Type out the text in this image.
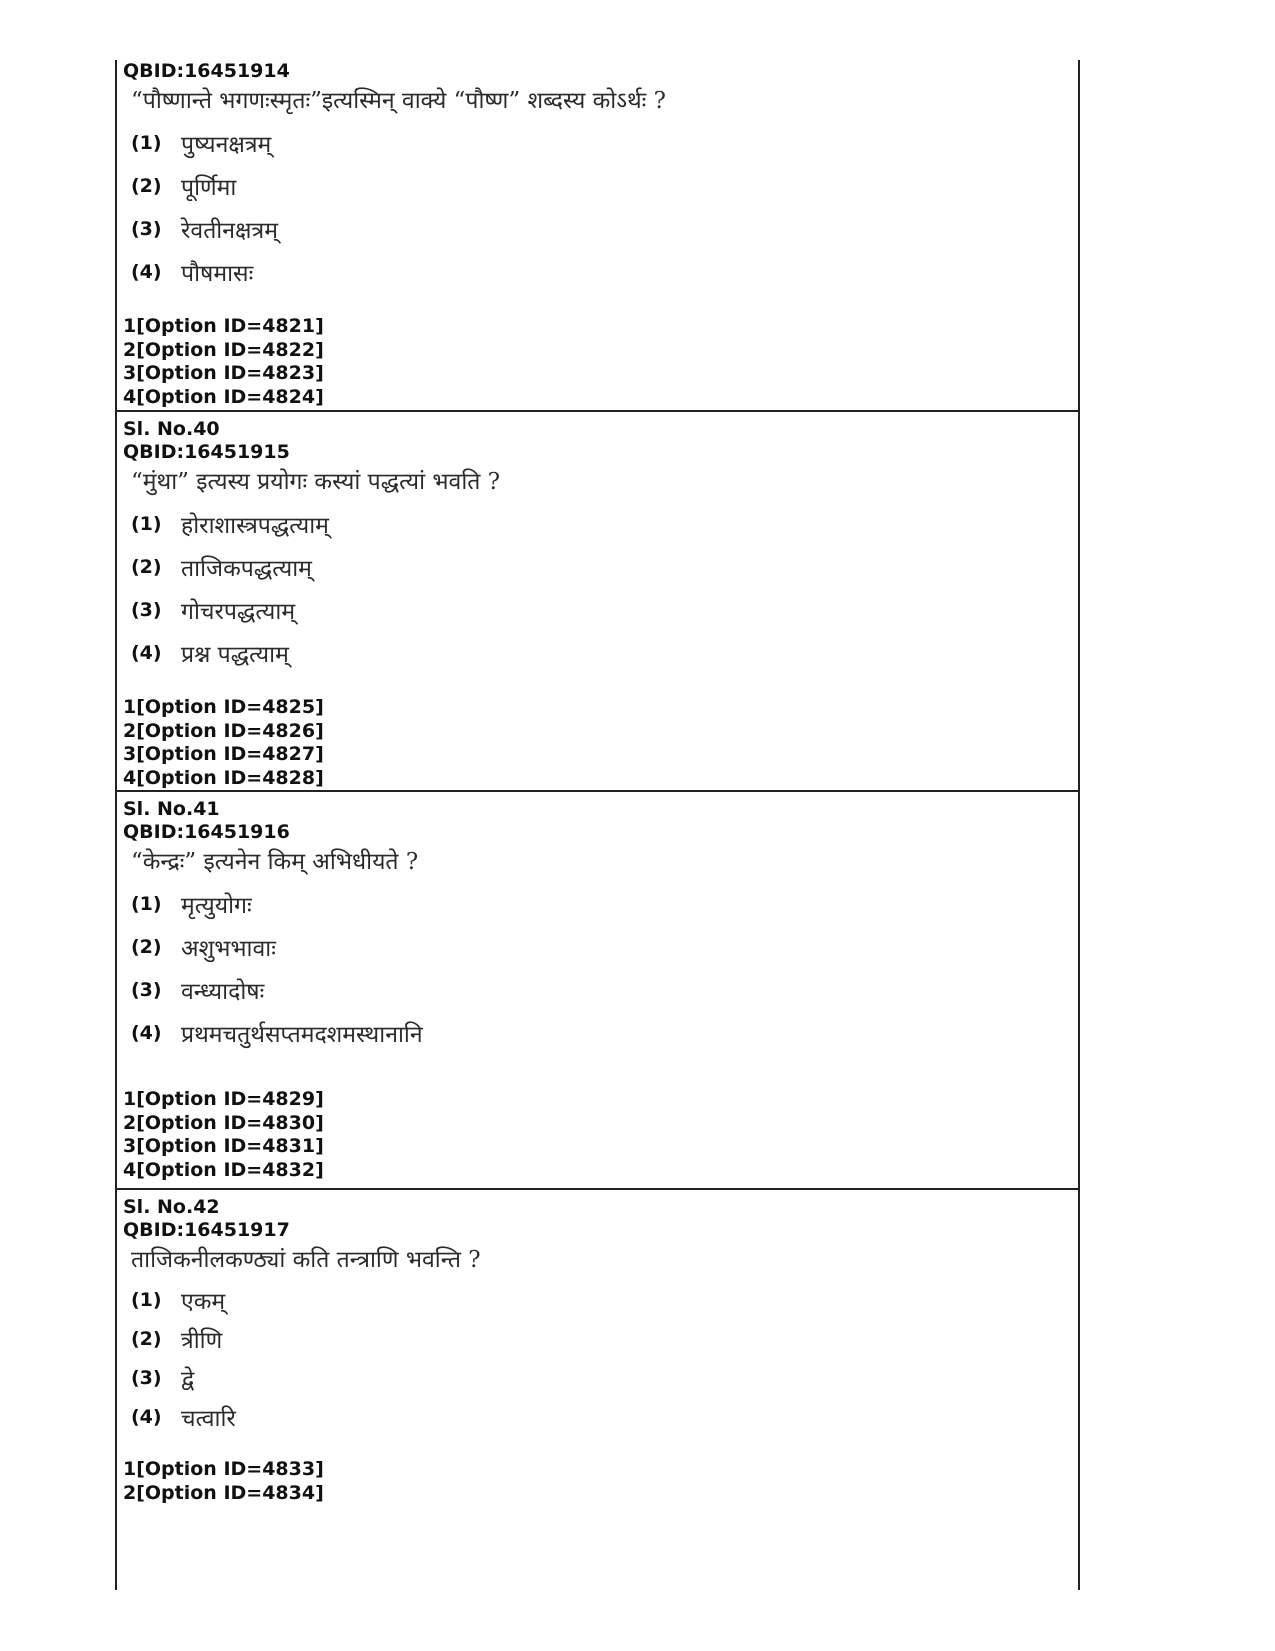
QBID:16451914
“पौष्णान्ते भगणःस्मृतः”इत्यस्मिन् वाक्ये “पौष्ण” शब्दस्य कोऽर्थः ?
(1) पुष्यनक्षत्रम्
(2) पूर्णिमा
(3) रेवतीनक्षत्रम्
(4) पौषमासः
1[Option ID=4821]
2[Option ID=4822]
3[Option ID=4823]
4[Option ID=4824]
Sl. No.40
QBID:16451915
“मुंथा” इत्यस्य प्रयोगः कस्यां पद्धत्यां भवति ?
(1) होराशास्त्रपद्धत्याम्
(2) ताजिकपद्धत्याम्
(3) गोचरपद्धत्याम्
(4) प्रश्न पद्धत्याम्
1[Option ID=4825]
2[Option ID=4826]
3[Option ID=4827]
4[Option ID=4828]
Sl. No.41
QBID:16451916
“केन्द्रः” इत्यनेन किम् अभिधीयते ?
(1) मृत्युयोगः
(2) अशुभभावाः
(3) वन्ध्यादोषः
(4) प्रथमचतुर्थसप्तमदशमस्थानानि
1[Option ID=4829]
2[Option ID=4830]
3[Option ID=4831]
4[Option ID=4832]
Sl. No.42
QBID:16451917
ताजिकनीलकण्ठ्यां कति तन्त्राणि भवन्ति ?
(1) एकम्
(2) त्रीणि
(3) द्वे
(4) चत्वारि
1[Option ID=4833]
2[Option ID=4834]
